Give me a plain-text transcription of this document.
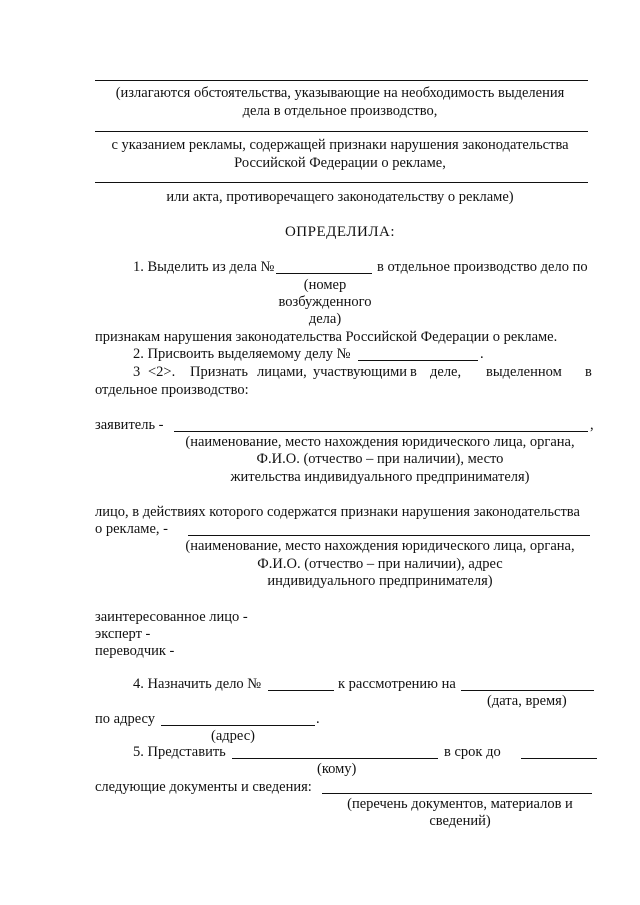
(излагаются обстоятельства, указывающие на необходимость выделения
дела в отдельное производство,
с указанием рекламы, содержащей признаки нарушения законодательства
Российской Федерации о рекламе,
или акта, противоречащего законодательству о рекламе)
ОПРЕДЕЛИЛА:
1. Выделить из дела №	в отдельное производство дело по
(номер
возбужденного
дела)
признакам нарушения законодательства Российской Федерации о рекламе.
2. Присвоить выделяемому делу №	.
3 <2>. Признать лицами, участвующими в деле, выделенном в
отдельное производство:
заявитель -	,
(наименование, место нахождения юридического лица, органа,
Ф.И.О. (отчество – при наличии), место
жительства индивидуального предпринимателя)
лицо, в действиях которого содержатся признаки нарушения законодательства
о рекламе, -
(наименование, место нахождения юридического лица, органа,
Ф.И.О. (отчество – при наличии), адрес
индивидуального предпринимателя)
заинтересованное лицо -
эксперт -
переводчик -
4. Назначить дело №	к рассмотрению на
(дата, время)
по адресу	.
(адрес)
5. Представить	в срок до
(кому)
следующие документы и сведения:
(перечень документов, материалов и
сведений)
